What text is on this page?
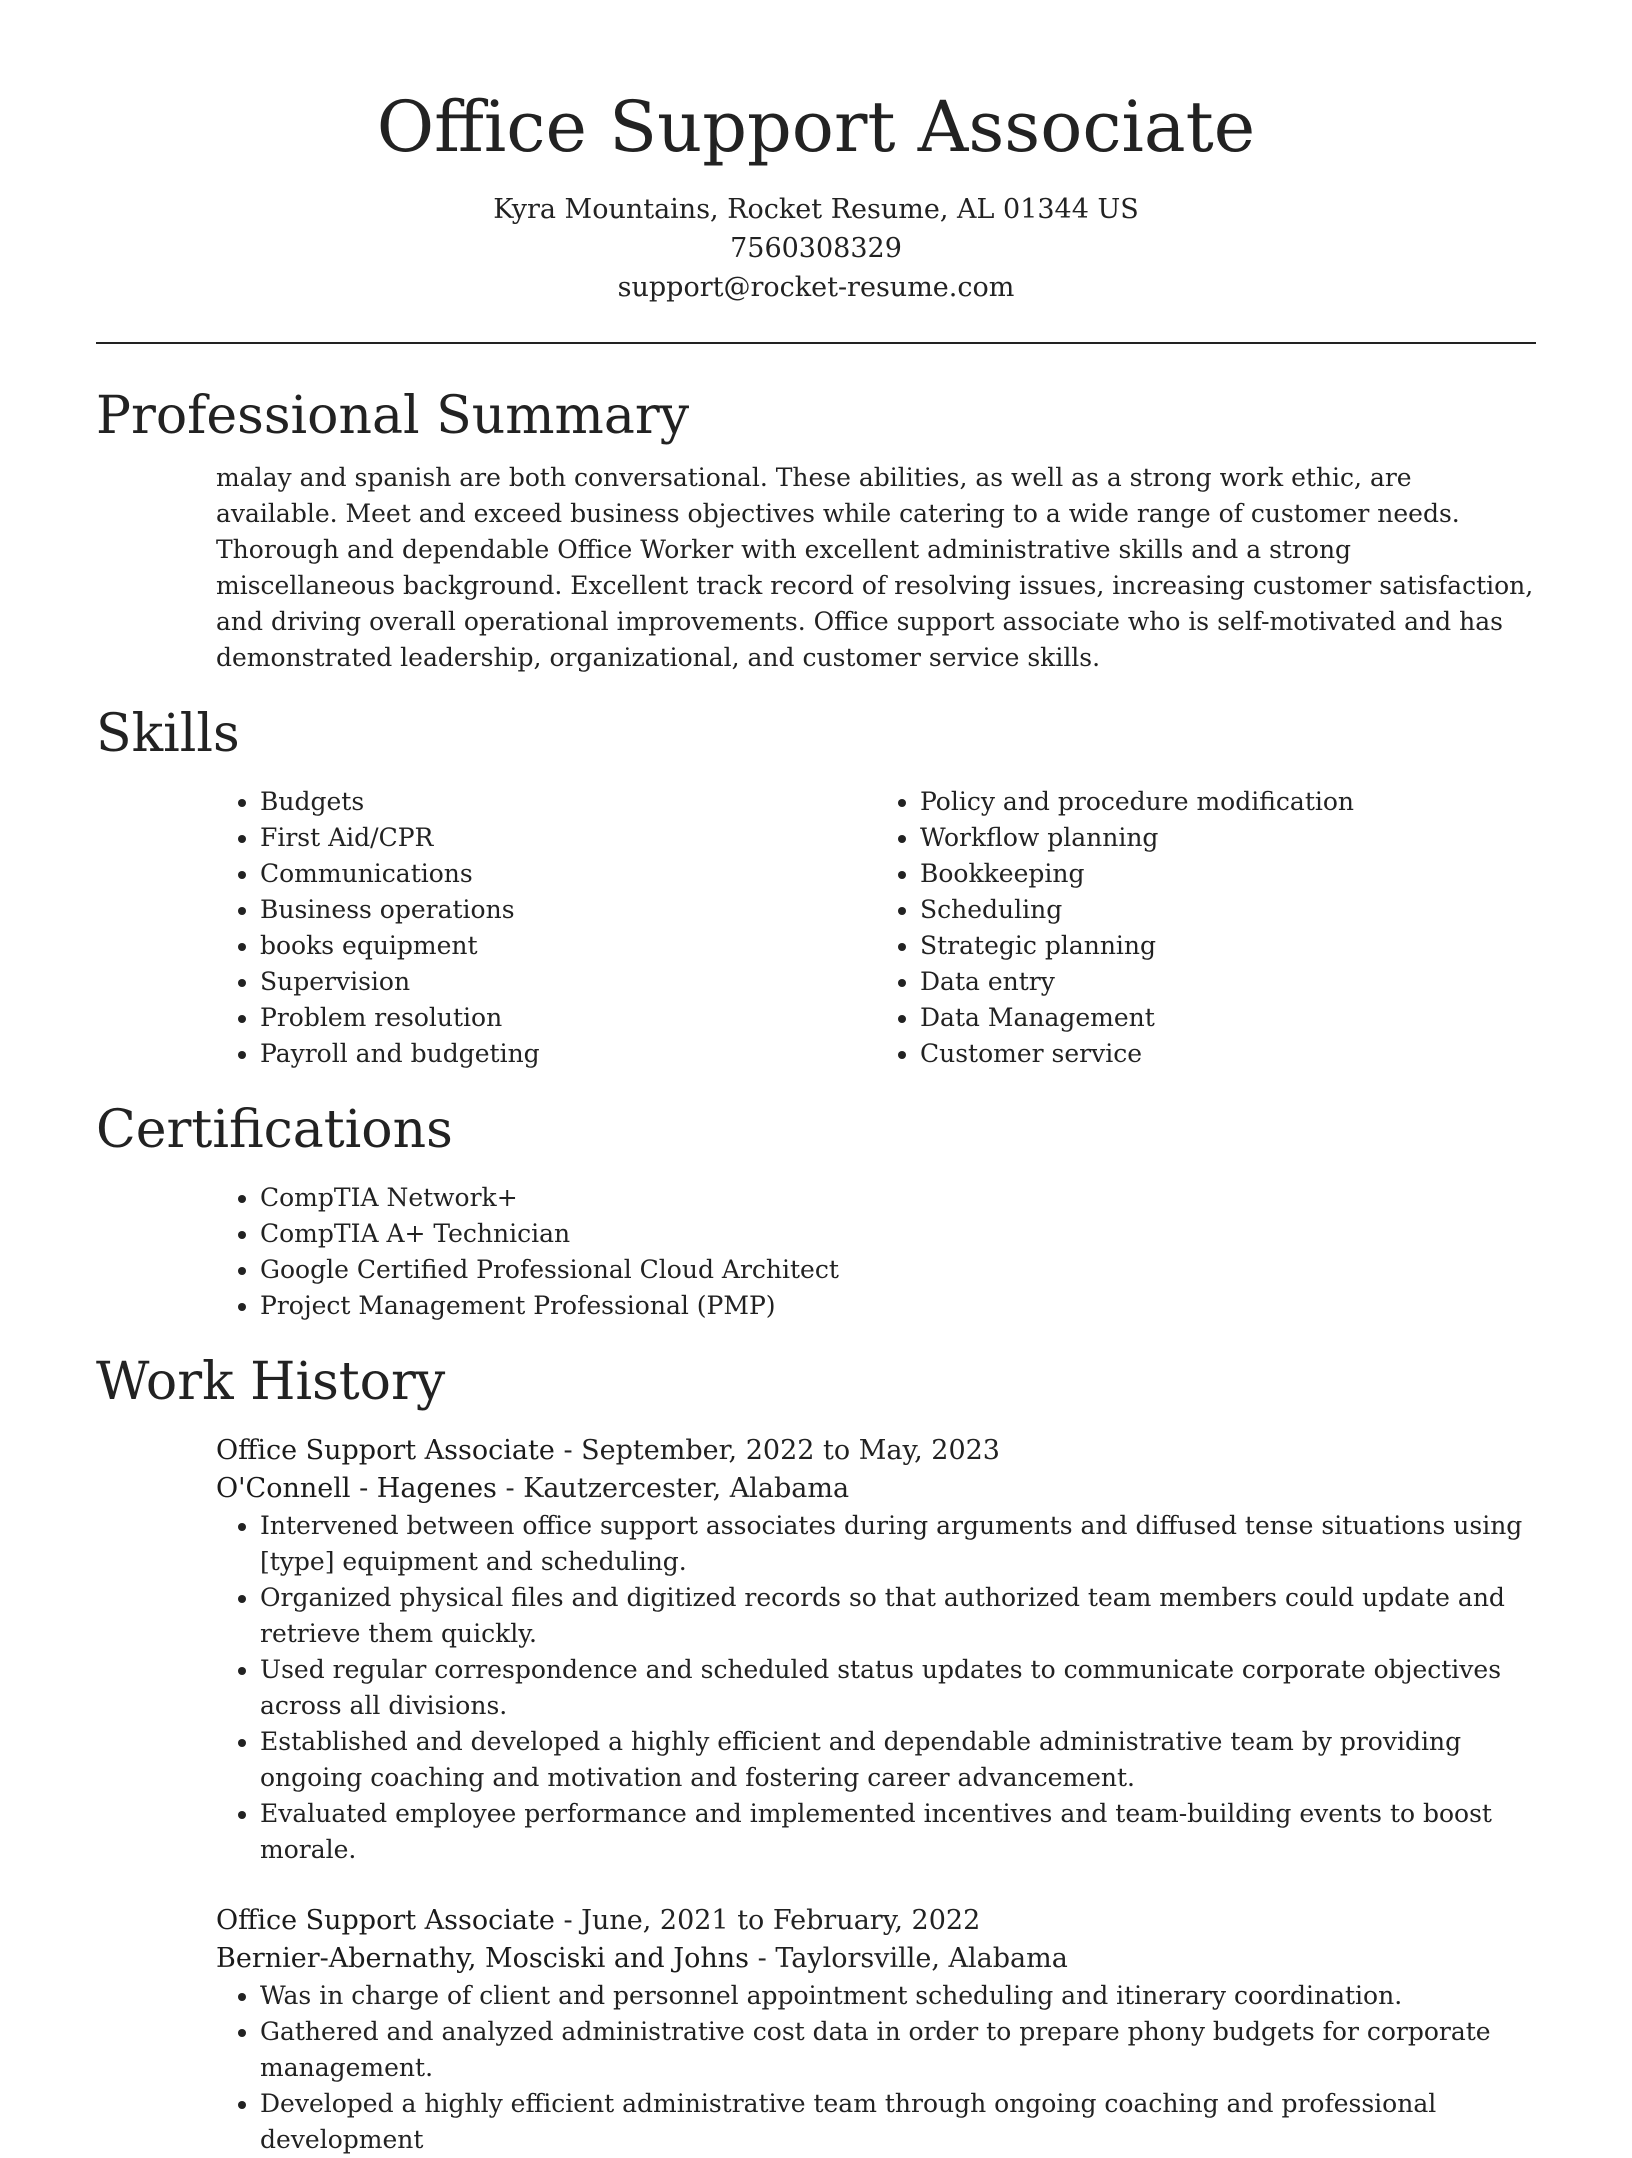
Office Support Associate
Kyra Mountains, Rocket Resume, AL 01344 US
7560308329
support@rocket-resume.com
Professional Summary

malay and spanish are both conversational. These abilities, as well as a strong work ethic, are available. Meet and exceed business objectives while catering to a wide range of customer needs. Thorough and dependable Office Worker with excellent administrative skills and a strong miscellaneous background. Excellent track record of resolving issues, increasing customer satisfaction, and driving overall operational improvements. Office support associate who is self-motivated and has demonstrated leadership, organizational, and customer service skills.

Skills
• Budgets
• First Aid/CPR
• Communications
• Business operations
• books equipment
• Supervision
• Problem resolution
• Payroll and budgeting
• Policy and procedure modification
• Workflow planning
• Bookkeeping
• Scheduling
• Strategic planning
• Data entry
• Data Management
• Customer service
Certifications
• CompTIA Network+
• CompTIA A+ Technician
• Google Certified Professional Cloud Architect
• Project Management Professional (PMP)
Work History
Office Support Associate - September, 2022 to May, 2023
O'Connell - Hagenes - Kautzercester, Alabama
• Intervened between office support associates during arguments and diffused tense situations using [type] equipment and scheduling.
• Organized physical files and digitized records so that authorized team members could update and retrieve them quickly.
• Used regular correspondence and scheduled status updates to communicate corporate objectives across all divisions.
• Established and developed a highly efficient and dependable administrative team by providing ongoing coaching and motivation and fostering career advancement.
• Evaluated employee performance and implemented incentives and team-building events to boost morale.
Office Support Associate - June, 2021 to February, 2022
Bernier-Abernathy, Mosciski and Johns - Taylorsville, Alabama
• Was in charge of client and personnel appointment scheduling and itinerary coordination.
• Gathered and analyzed administrative cost data in order to prepare phony budgets for corporate management.
• Developed a highly efficient administrative team through ongoing coaching and professional development
